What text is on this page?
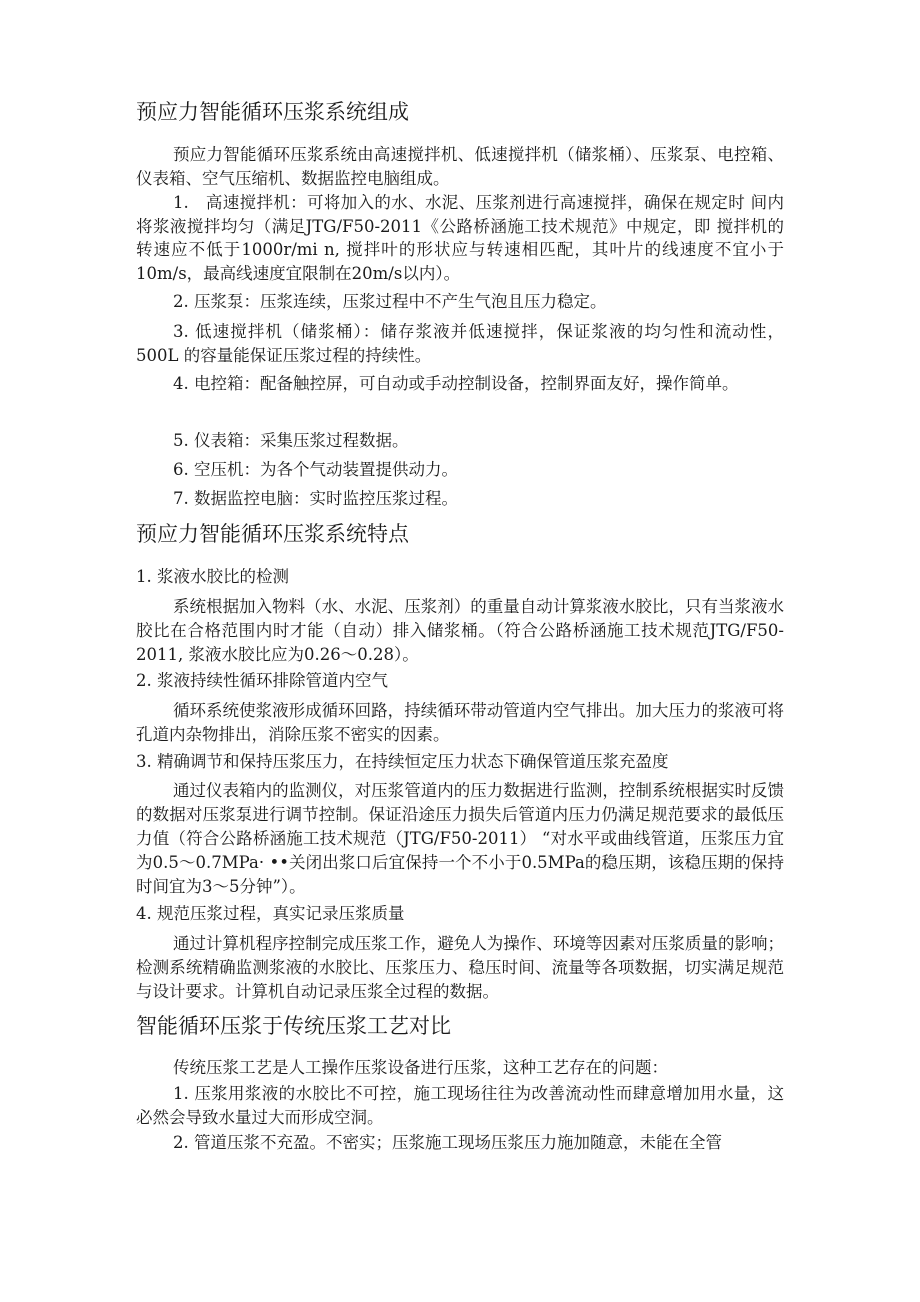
预应力智能循环压浆系统组成
预应力智能循环压浆系统由高速搅拌机、低速搅拌机（储浆桶）、压浆泵、电控箱、仪表箱、空气压缩机、数据监控电脑组成。
1.　高速搅拌机：可将加入的水、水泥、压浆剂进行高速搅拌，确保在规定时 间内将浆液搅拌均匀（满足JTG/F50-2011《公路桥涵施工技术规范》中规定，即 搅拌机的转速应不低于1000r/mi n, 搅拌叶的形状应与转速相匹配，其叶片的线速度不宜小于10m/s，最高线速度宜限制在20m/s以内）。
2. 压浆泵：压浆连续，压浆过程中不产生气泡且压力稳定。
3. 低速搅拌机（储浆桶）：储存浆液并低速搅拌，保证浆液的均匀性和流动性， 500L 的容量能保证压浆过程的持续性。
4. 电控箱：配备触控屏，可自动或手动控制设备，控制界面友好，操作简单。
5. 仪表箱：采集压浆过程数据。
6. 空压机：为各个气动装置提供动力。
7. 数据监控电脑：实时监控压浆过程。
预应力智能循环压浆系统特点
1. 浆液水胶比的检测
系统根据加入物料（水、水泥、压浆剂）的重量自动计算浆液水胶比，只有当浆液水胶比在合格范围内时才能（自动）排入储浆桶。（符合公路桥涵施工技术规范JTG/F50-2011, 浆液水胶比应为0.26〜0.28）。
2. 浆液持续性循环排除管道内空气
循环系统使浆液形成循环回路，持续循环带动管道内空气排出。加大压力的浆液可将孔道内杂物排出，消除压浆不密实的因素。
3. 精确调节和保持压浆压力，在持续恒定压力状态下确保管道压浆充盈度
通过仪表箱内的监测仪，对压浆管道内的压力数据进行监测，控制系统根据实时反馈的数据对压浆泵进行调节控制。保证沿途压力损失后管道内压力仍满足规范要求的最低压力值（符合公路桥涵施工技术规范（JTG/F50-2011） “对水平或曲线管道，压浆压力宜为0.5〜0.7MPa· ••关闭出浆口后宜保持一个不小于0.5MPa的稳压期，该稳压期的保持时间宜为3〜5分钟”）。
4. 规范压浆过程，真实记录压浆质量
通过计算机程序控制完成压浆工作，避免人为操作、环境等因素对压浆质量的影响；检测系统精确监测浆液的水胶比、压浆压力、稳压时间、流量等各项数据，切实满足规范与设计要求。计算机自动记录压浆全过程的数据。
智能循环压浆于传统压浆工艺对比
传统压浆工艺是人工操作压浆设备进行压浆，这种工艺存在的问题：
1. 压浆用浆液的水胶比不可控，施工现场往往为改善流动性而肆意增加用水量，这必然会导致水量过大而形成空洞。
2. 管道压浆不充盈。不密实；压浆施工现场压浆压力施加随意，未能在全管
